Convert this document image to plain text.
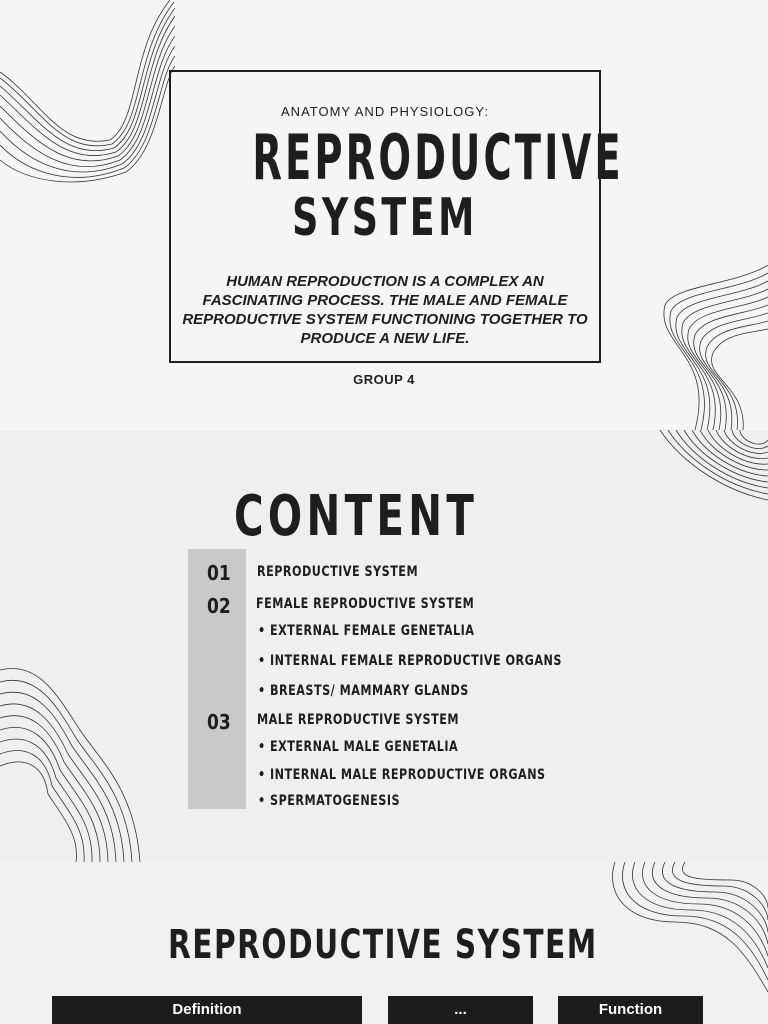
ANATOMY AND PHYSIOLOGY:
REPRODUCTIVE
SYSTEM
HUMAN REPRODUCTION IS A COMPLEX AN
FASCINATING PROCESS. THE MALE AND FEMALE
REPRODUCTIVE SYSTEM FUNCTIONING TOGETHER TO
PRODUCE A NEW LIFE.
GROUP 4
CONTENT
01
02
03
REPRODUCTIVE SYSTEM
FEMALE REPRODUCTIVE SYSTEM
• EXTERNAL FEMALE GENETALIA
• INTERNAL FEMALE REPRODUCTIVE ORGANS
• BREASTS/ MAMMARY GLANDS
MALE REPRODUCTIVE SYSTEM
• EXTERNAL MALE GENETALIA
• INTERNAL MALE REPRODUCTIVE ORGANS
• SPERMATOGENESIS
REPRODUCTIVE SYSTEM
Definition	...	Function
